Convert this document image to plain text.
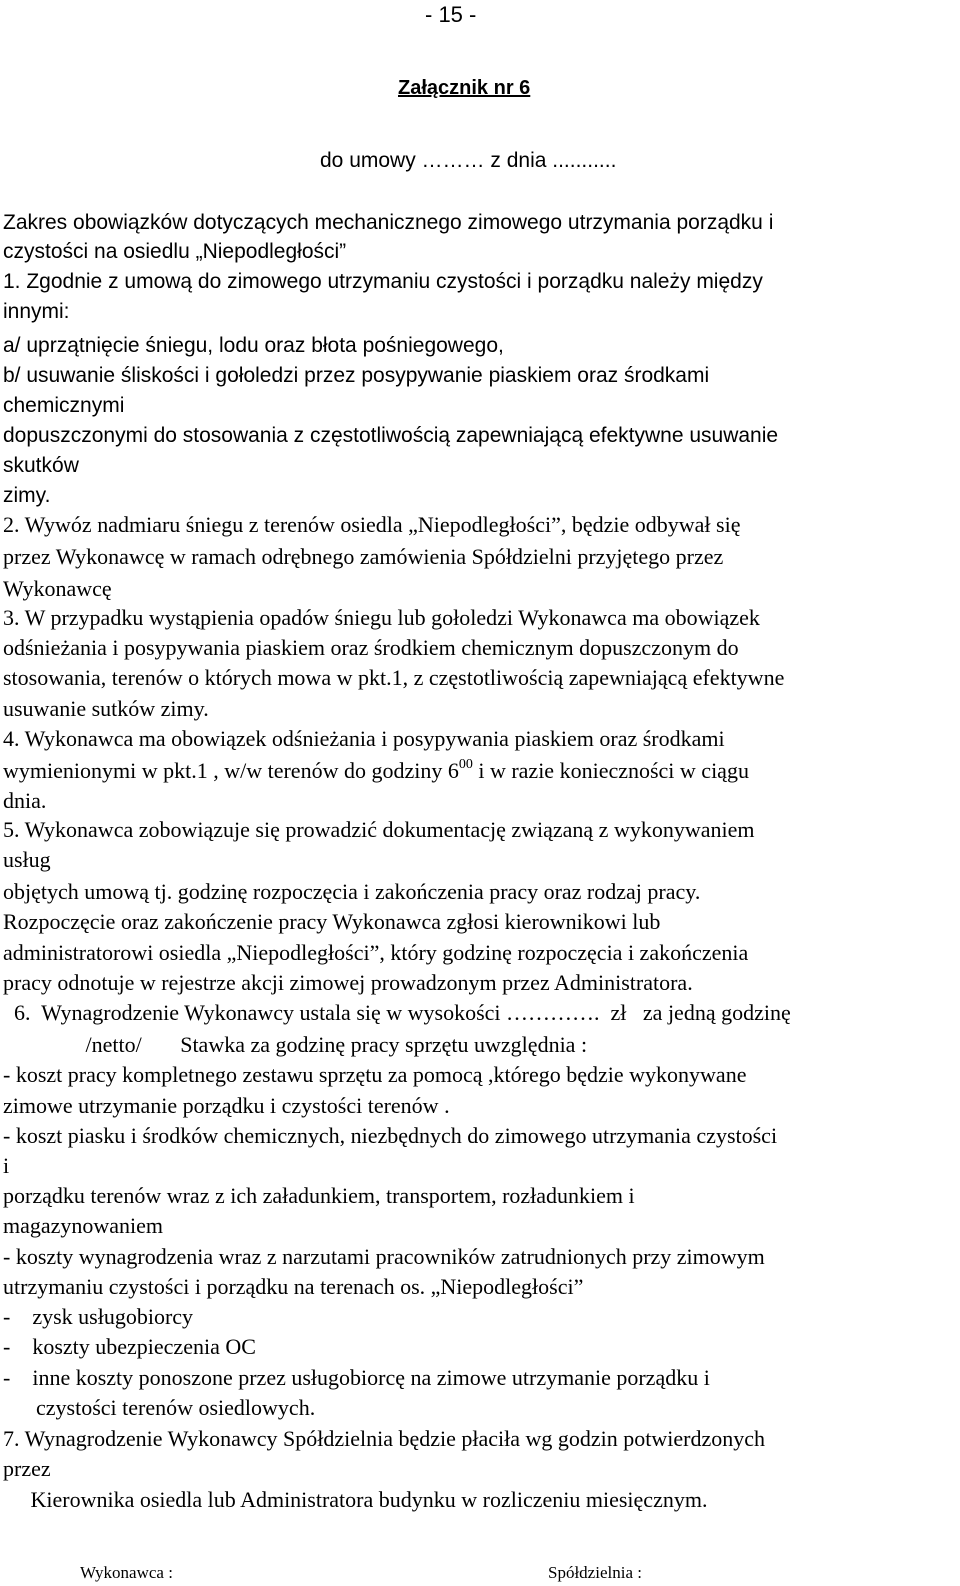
- 15 -
Załącznik nr 6
do umowy ……… z dnia ...........
Zakres obowiązków dotyczących mechanicznego zimowego utrzymania porządku i
czystości na osiedlu „Niepodległości”
1. Zgodnie z umową do zimowego utrzymaniu czystości i porządku należy między
innymi:
a/ uprzątnięcie śniegu, lodu oraz błota pośniegowego,
b/ usuwanie śliskości i gołoledzi przez posypywanie piaskiem oraz środkami
chemicznymi
dopuszczonymi do stosowania z częstotliwością zapewniającą efektywne usuwanie
skutków
zimy.
2. Wywóz nadmiaru śniegu z terenów osiedla „Niepodległości”, będzie odbywał się
przez Wykonawcę w ramach odrębnego zamówienia Spółdzielni przyjętego przez
Wykonawcę
3. W przypadku wystąpienia opadów śniegu lub gołoledzi Wykonawca ma obowiązek
odśnieżania i posypywania piaskiem oraz środkiem chemicznym dopuszczonym do
stosowania, terenów o których mowa w pkt.1, z częstotliwością zapewniającą efektywne
usuwanie sutków zimy.
4. Wykonawca ma obowiązek odśnieżania i posypywania piaskiem oraz środkami
wymienionymi w pkt.1 , w/w terenów do godziny $6^{00}$ i w razie konieczności w ciągu
dnia.
5. Wykonawca zobowiązuje się prowadzić dokumentację związaną z wykonywaniem
usług
objętych umową tj. godzinę rozpoczęcia i zakończenia pracy oraz rodzaj pracy.
Rozpoczęcie oraz zakończenie pracy Wykonawca zgłosi kierownikowi lub
administratorowi osiedla „Niepodległości”, który godzinę rozpoczęcia i zakończenia
pracy odnotuje w rejestrze akcji zimowej prowadzonym przez Administratora.
6.  Wynagrodzenie Wykonawcy ustala się w wysokości ………….  zł   za jedną godzinę
/netto/       Stawka za godzinę pracy sprzętu uwzględnia :
- koszt pracy kompletnego zestawu sprzętu za pomocą ,którego będzie wykonywane
zimowe utrzymanie porządku i czystości terenów .
- koszt piasku i środków chemicznych, niezbędnych do zimowego utrzymania czystości
i
porządku terenów wraz z ich załadunkiem, transportem, rozładunkiem i
magazynowaniem
- koszty wynagrodzenia wraz z narzutami pracowników zatrudnionych przy zimowym
utrzymaniu czystości i porządku na terenach os. „Niepodległości”
-    zysk usługobiorcy
-    koszty ubezpieczenia OC
-    inne koszty ponoszone przez usługobiorcę na zimowe utrzymanie porządku i
czystości terenów osiedlowych.
7. Wynagrodzenie Wykonawcy Spółdzielnia będzie płaciła wg godzin potwierdzonych
przez
Kierownika osiedla lub Administratora budynku w rozliczeniu miesięcznym.
Wykonawca :	Spółdzielnia :
